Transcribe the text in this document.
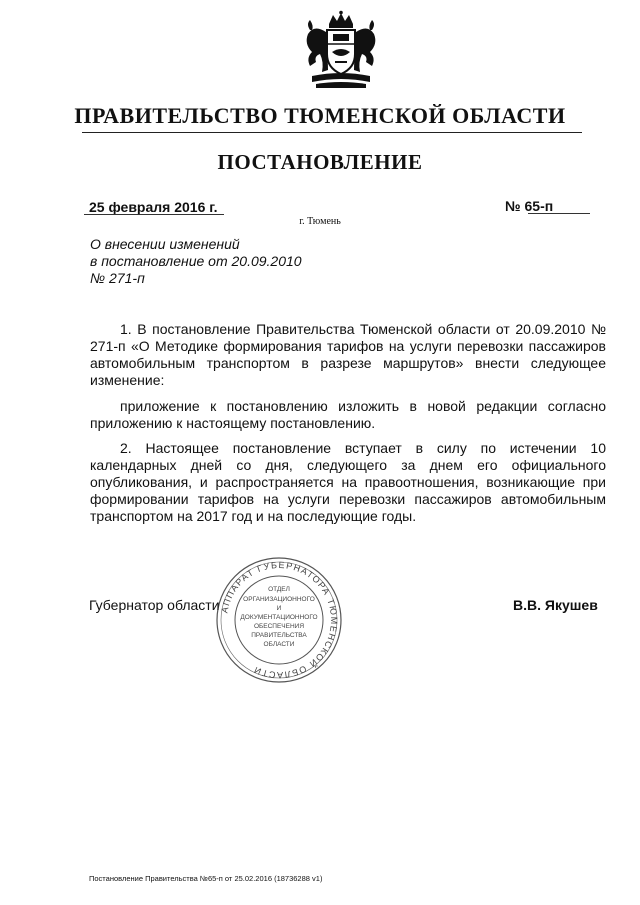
ПРАВИТЕЛЬСТВО ТЮМЕНСКОЙ ОБЛАСТИ
ПОСТАНОВЛЕНИЕ
25 февраля 2016 г.	№ 65-п
г. Тюмень
О внесении изменений
в постановление от 20.09.2010
№ 271-п

1. В постановление Правительства Тюменской области от 20.09.2010 № 271-п «О Методике формирования тарифов на услуги перевозки пассажиров автомобильным транспортом в разрезе маршрутов» внести следующее изменение:

приложение к постановлению изложить в новой редакции согласно приложению к настоящему постановлению.

2. Настоящее постановление вступает в силу по истечении 10 календарных дней со дня, следующего за днем его официального опубликования, и распространяется на правоотношения, возникающие при формировании тарифов на услуги перевозки пассажиров автомобильным транспортом на 2017 год и на последующие годы.

АППАРАТ ГУБЕРНАТОРА ТЮМЕНСКОЙ ОБЛАСТИ
ОТДЕЛ
ОРГАНИЗАЦИОННОГО
И
ДОКУМЕНТАЦИОННОГО
ОБЕСПЕЧЕНИЯ
ПРАВИТЕЛЬСТВА
ОБЛАСТИ
Губернатор области	В.В. Якушев
Постановление Правительства №65-п от 25.02.2016 (18736288 v1)
